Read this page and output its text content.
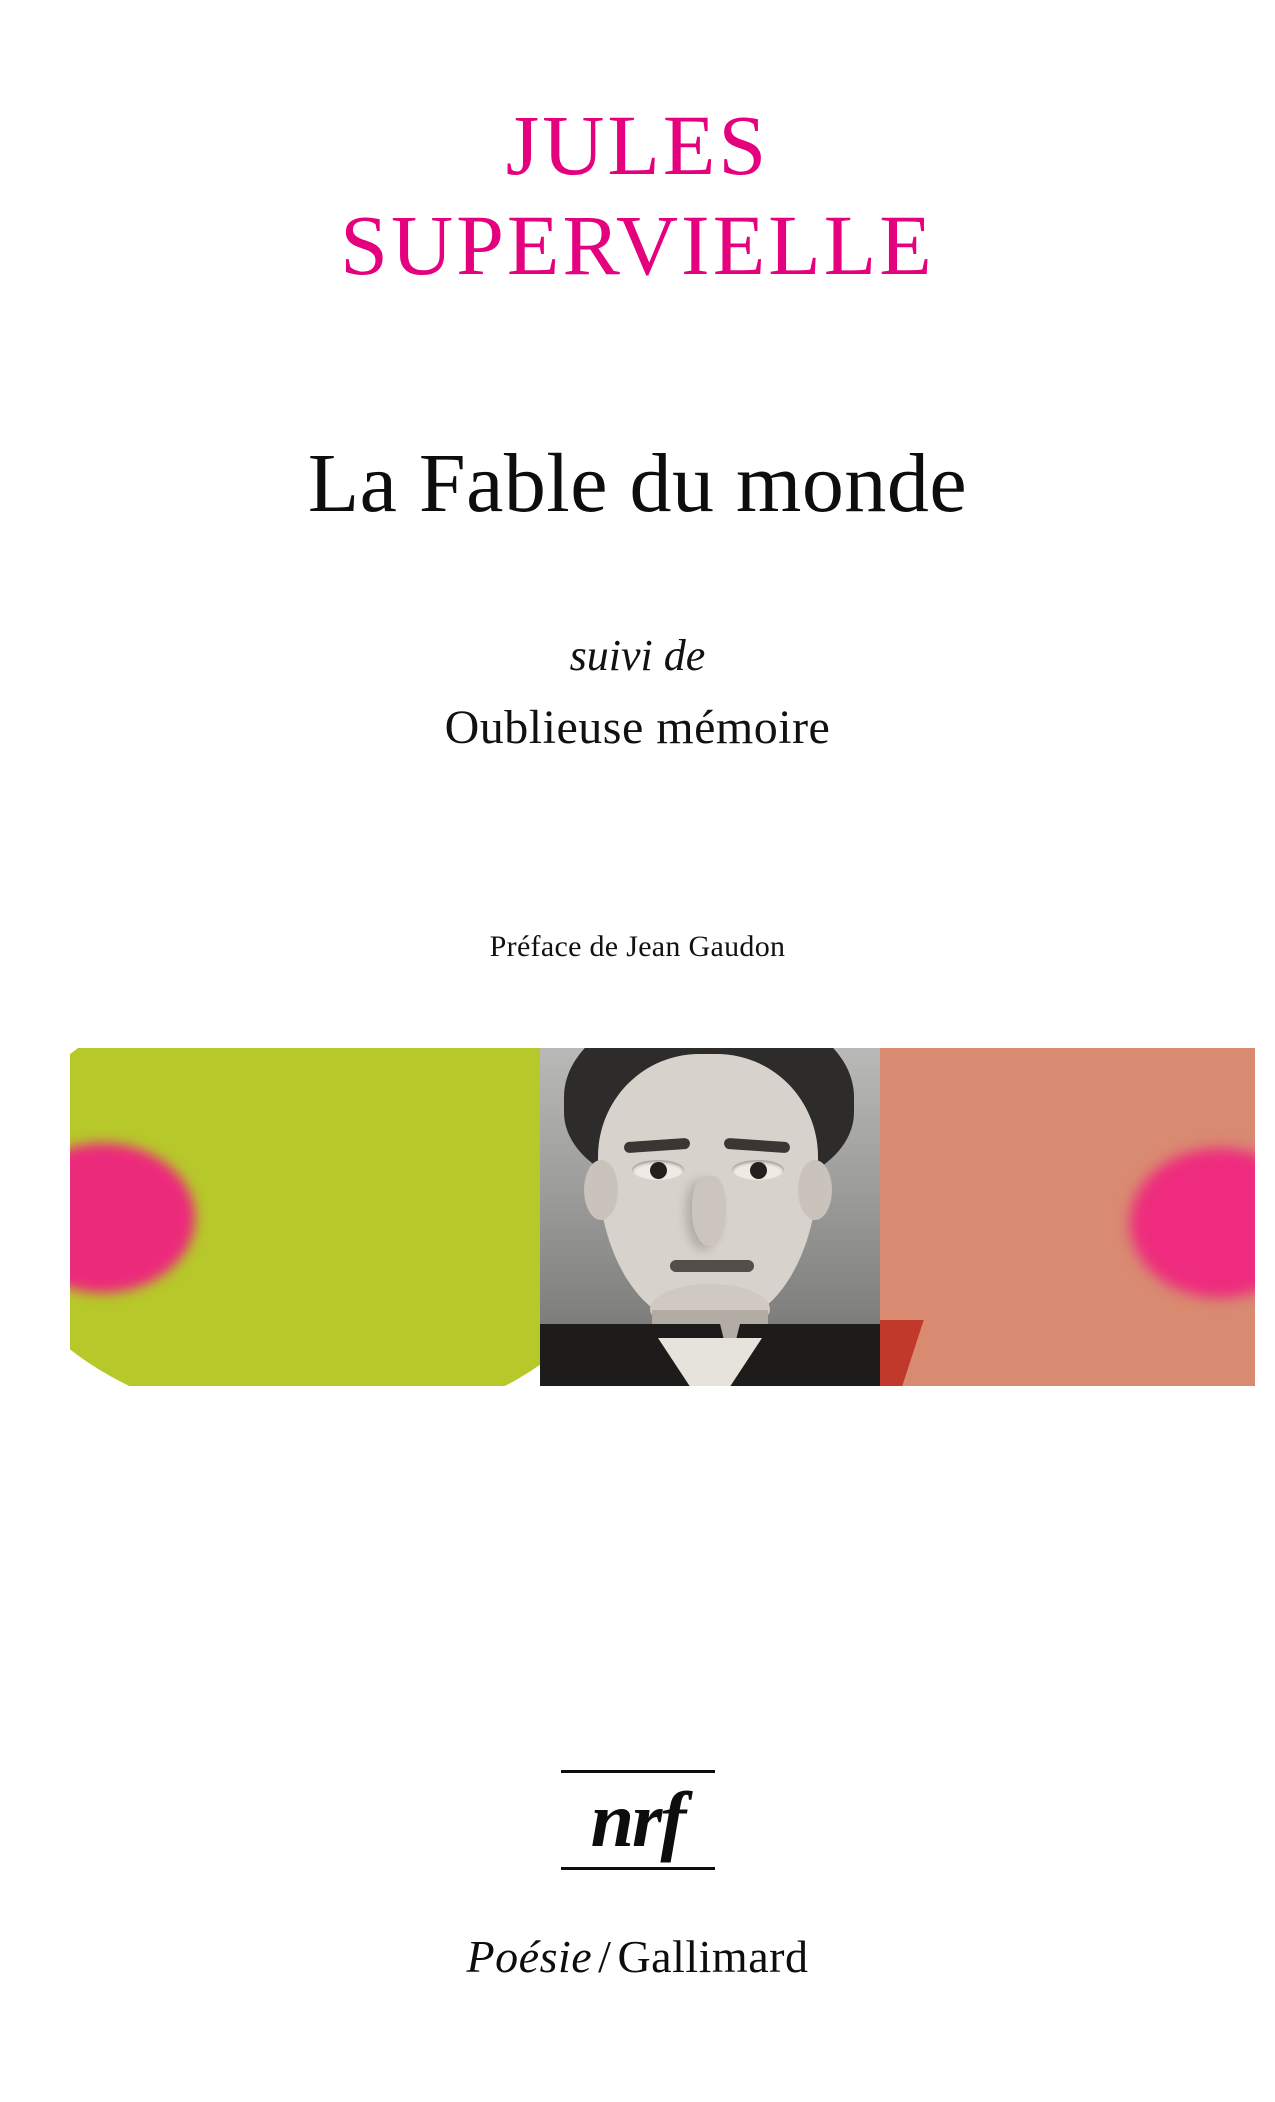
JULES
SUPERVIELLE
La Fable du monde
suivi de
Oublieuse mémoire
Préface de Jean Gaudon
nrf
Poésie / Gallimard
